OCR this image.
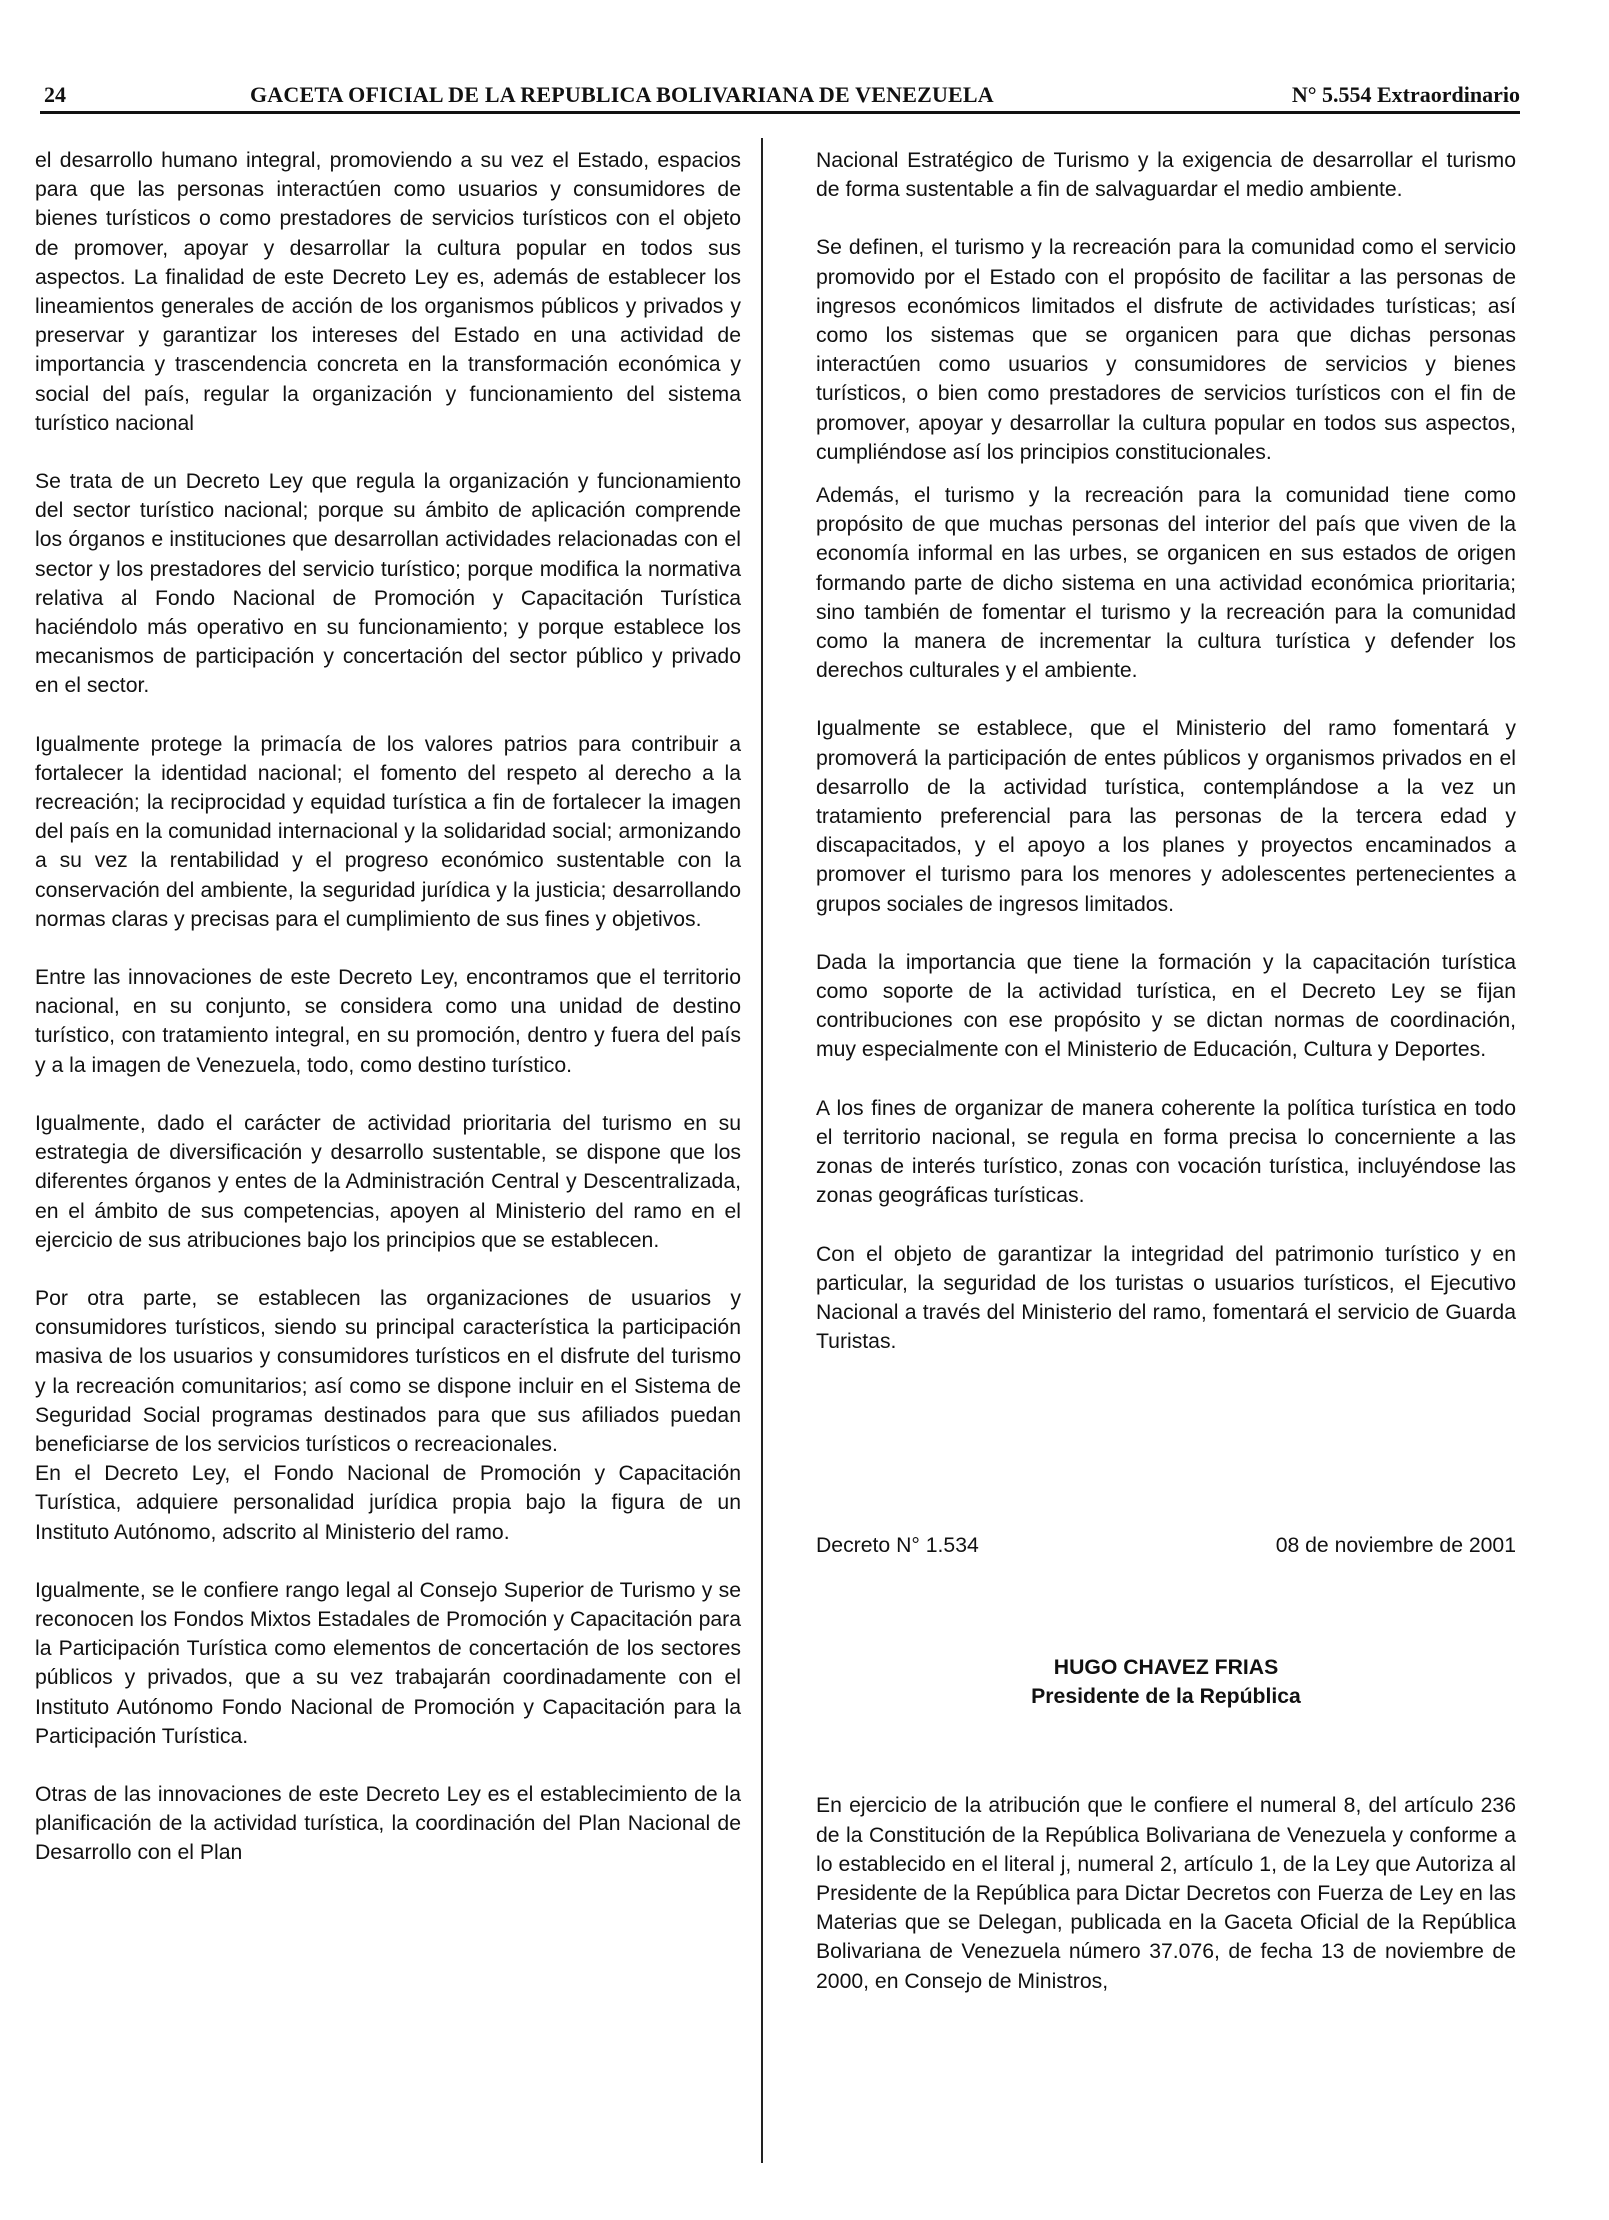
24	GACETA OFICIAL DE LA REPUBLICA BOLIVARIANA DE VENEZUELA	N° 5.554 Extraordinario

el desarrollo humano integral, promoviendo a su vez el Estado, espacios para que las personas interactúen como usuarios y consumidores de bienes turísticos o como prestadores de servicios turísticos con el objeto de promover, apoyar y desarrollar la cultura popular en todos sus aspectos. La finalidad de este Decreto Ley es, además de establecer los lineamientos generales de acción de los organismos públicos y privados y preservar y garantizar los intereses del Estado en una actividad de importancia y trascendencia concreta en la transformación económica y social del país, regular la organización y funcionamiento del sistema turístico nacional

Se trata de un Decreto Ley que regula la organización y funcionamiento del sector turístico nacional; porque su ámbito de aplicación comprende los órganos e instituciones que desarrollan actividades relacionadas con el sector y los prestadores del servicio turístico; porque modifica la normativa relativa al Fondo Nacional de Promoción y Capacitación Turística haciéndolo más operativo en su funcionamiento; y porque establece los mecanismos de participación y concertación del sector público y privado en el sector.

Igualmente protege la primacía de los valores patrios para contribuir a fortalecer la identidad nacional; el fomento del respeto al derecho a la recreación; la reciprocidad y equidad turística a fin de fortalecer la imagen del país en la comunidad internacional y la solidaridad social; armonizando a su vez la rentabilidad y el progreso económico sustentable con la conservación del ambiente, la seguridad jurídica y la justicia; desarrollando normas claras y precisas para el cumplimiento de sus fines y objetivos.

Entre las innovaciones de este Decreto Ley, encontramos que el territorio nacional, en su conjunto, se considera como una unidad de destino turístico, con tratamiento integral, en su promoción, dentro y fuera del país y a la imagen de Venezuela, todo, como destino turístico.

Igualmente, dado el carácter de actividad prioritaria del turismo en su estrategia de diversificación y desarrollo sustentable, se dispone que los diferentes órganos y entes de la Administración Central y Descentralizada, en el ámbito de sus competencias, apoyen al Ministerio del ramo en el ejercicio de sus atribuciones bajo los principios que se establecen.

Por otra parte, se establecen las organizaciones de usuarios y consumidores turísticos, siendo su principal característica la participación masiva de los usuarios y consumidores turísticos en el disfrute del turismo y la recreación comunitarios; así como se dispone incluir en el Sistema de Seguridad Social programas destinados para que sus afiliados puedan beneficiarse de los servicios turísticos o recreacionales.

En el Decreto Ley, el Fondo Nacional de Promoción y Capacitación Turística, adquiere personalidad jurídica propia bajo la figura de un Instituto Autónomo, adscrito al Ministerio del ramo.

Igualmente, se le confiere rango legal al Consejo Superior de Turismo y se reconocen los Fondos Mixtos Estadales de Promoción y Capacitación para la Participación Turística como elementos de concertación de los sectores públicos y privados, que a su vez trabajarán coordinadamente con el Instituto Autónomo Fondo Nacional de Promoción y Capacitación para la Participación Turística.

Otras de las innovaciones de este Decreto Ley es el establecimiento de la planificación de la actividad turística, la coordinación del Plan Nacional de Desarrollo con el Plan

Nacional Estratégico de Turismo y la exigencia de desarrollar el turismo de forma sustentable a fin de salvaguardar el medio ambiente.

Se definen, el turismo y la recreación para la comunidad como el servicio promovido por el Estado con el propósito de facilitar a las personas de ingresos económicos limitados el disfrute de actividades turísticas; así como los sistemas que se organicen para que dichas personas interactúen como usuarios y consumidores de servicios y bienes turísticos, o bien como prestadores de servicios turísticos con el fin de promover, apoyar y desarrollar la cultura popular en todos sus aspectos, cumpliéndose así los principios constitucionales.

Además, el turismo y la recreación para la comunidad tiene como propósito de que muchas personas del interior del país que viven de la economía informal en las urbes, se organicen en sus estados de origen formando parte de dicho sistema en una actividad económica prioritaria; sino también de fomentar el turismo y la recreación para la comunidad como la manera de incrementar la cultura turística y defender los derechos culturales y el ambiente.

Igualmente se establece, que el Ministerio del ramo fomentará y promoverá la participación de entes públicos y organismos privados en el desarrollo de la actividad turística, contemplándose a la vez un tratamiento preferencial para las personas de la tercera edad y discapacitados, y el apoyo a los planes y proyectos encaminados a promover el turismo para los menores y adolescentes pertenecientes a grupos sociales de ingresos limitados.

Dada la importancia que tiene la formación y la capacitación turística como soporte de la actividad turística, en el Decreto Ley se fijan contribuciones con ese propósito y se dictan normas de coordinación, muy especialmente con el Ministerio de Educación, Cultura y Deportes.

A los fines de organizar de manera coherente la política turística en todo el territorio nacional, se regula en forma precisa lo concerniente a las zonas de interés turístico, zonas con vocación turística, incluyéndose las zonas geográficas turísticas.

Con el objeto de garantizar la integridad del patrimonio turístico y en particular, la seguridad de los turistas o usuarios turísticos, el Ejecutivo Nacional a través del Ministerio del ramo, fomentará el servicio de Guarda Turistas.

Decreto N° 1.534	08 de noviembre de 2001
HUGO CHAVEZ FRIAS
Presidente de la República

En ejercicio de la atribución que le confiere el numeral 8, del artículo 236 de la Constitución de la República Bolivariana de Venezuela y conforme a lo establecido en el literal j, numeral 2, artículo 1, de la Ley que Autoriza al Presidente de la República para Dictar Decretos con Fuerza de Ley en las Materias que se Delegan, publicada en la Gaceta Oficial de la República Bolivariana de Venezuela número 37.076, de fecha 13 de noviembre de 2000, en Consejo de Ministros,
